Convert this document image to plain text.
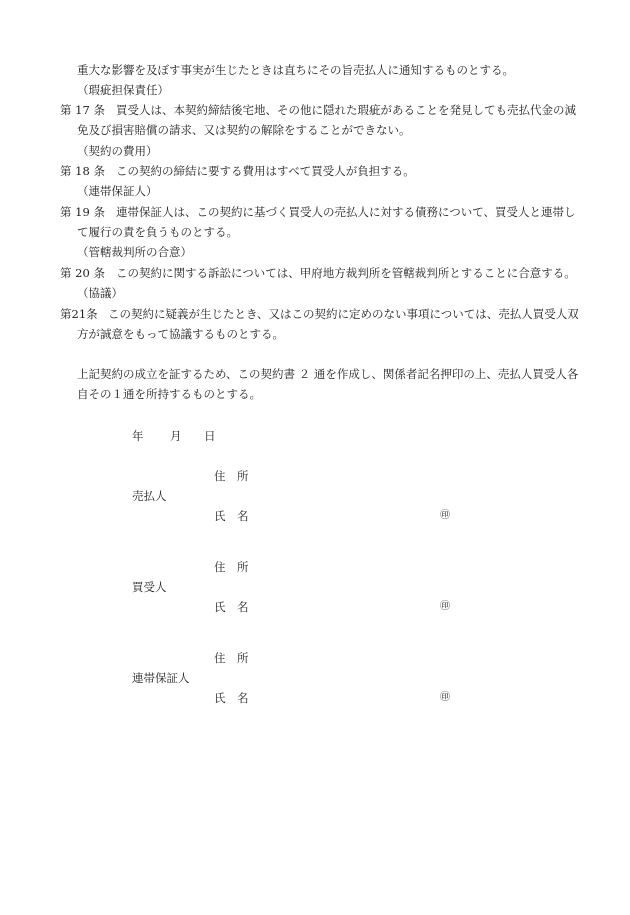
重大な影響を及ぼす事実が生じたときは直ちにその旨売払人に通知するものとする。
（瑕疵担保責任）
第 17 条 買受人は、本契約締結後宅地、その他に隠れた瑕疵があることを発見しても売払代金の減
免及び損害賠償の請求、又は契約の解除をすることができない。
（契約の費用）
第 18 条 この契約の締結に要する費用はすべて買受人が負担する。
（連帯保証人）
第 19 条 連帯保証人は、この契約に基づく買受人の売払人に対する債務について、買受人と連帯し
て履行の責を負うものとする。
（管轄裁判所の合意）
第 20 条 この契約に関する訴訟については、甲府地方裁判所を管轄裁判所とすることに合意する。
（協議）
第21条 この契約に疑義が生じたとき、又はこの契約に定めのない事項については、売払人買受人双
方が誠意をもって協議するものとする。
上記契約の成立を証するため、この契約書 ２ 通を作成し、関係者記名押印の上、売払人買受人各
自その１通を所持するものとする。
年 月 日
住　所
売払人
氏　名	㊞
住　所
買受人
氏　名	㊞
住　所
連帯保証人
氏　名	㊞
